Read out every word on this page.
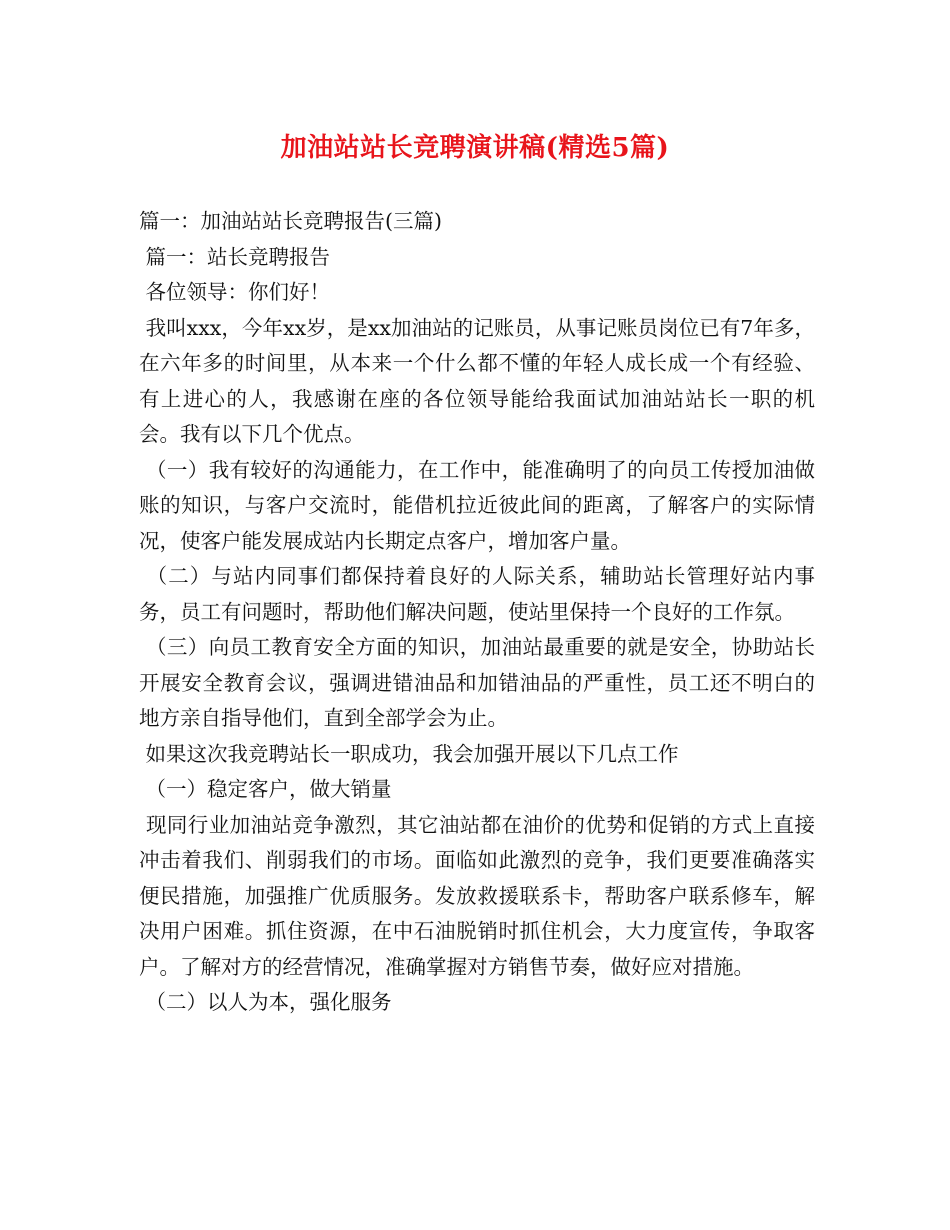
加油站站长竞聘演讲稿(精选5篇)

篇一：加油站站长竞聘报告(三篇)

篇一：站长竞聘报告

各位领导：你们好！

我叫xxx，今年xx岁，是xx加油站的记账员，从事记账员岗位已有7年多，在六年多的时间里，从本来一个什么都不懂的年轻人成长成一个有经验、有上进心的人，我感谢在座的各位领导能给我面试加油站站长一职的机会。我有以下几个优点。

（一）我有较好的沟通能力，在工作中，能准确明了的向员工传授加油做账的知识，与客户交流时，能借机拉近彼此间的距离，了解客户的实际情况，使客户能发展成站内长期定点客户，增加客户量。

（二）与站内同事们都保持着良好的人际关系，辅助站长管理好站内事务，员工有问题时，帮助他们解决问题，使站里保持一个良好的工作氛。

（三）向员工教育安全方面的知识，加油站最重要的就是安全，协助站长开展安全教育会议，强调进错油品和加错油品的严重性，员工还不明白的地方亲自指导他们，直到全部学会为止。

如果这次我竞聘站长一职成功，我会加强开展以下几点工作

（一）稳定客户，做大销量

现同行业加油站竞争激烈，其它油站都在油价的优势和促销的方式上直接冲击着我们、削弱我们的市场。面临如此激烈的竞争，我们更要准确落实便民措施，加强推广优质服务。发放救援联系卡，帮助客户联系修车，解决用户困难。抓住资源，在中石油脱销时抓住机会，大力度宣传，争取客户。了解对方的经营情况，准确掌握对方销售节奏，做好应对措施。

（二）以人为本，强化服务
